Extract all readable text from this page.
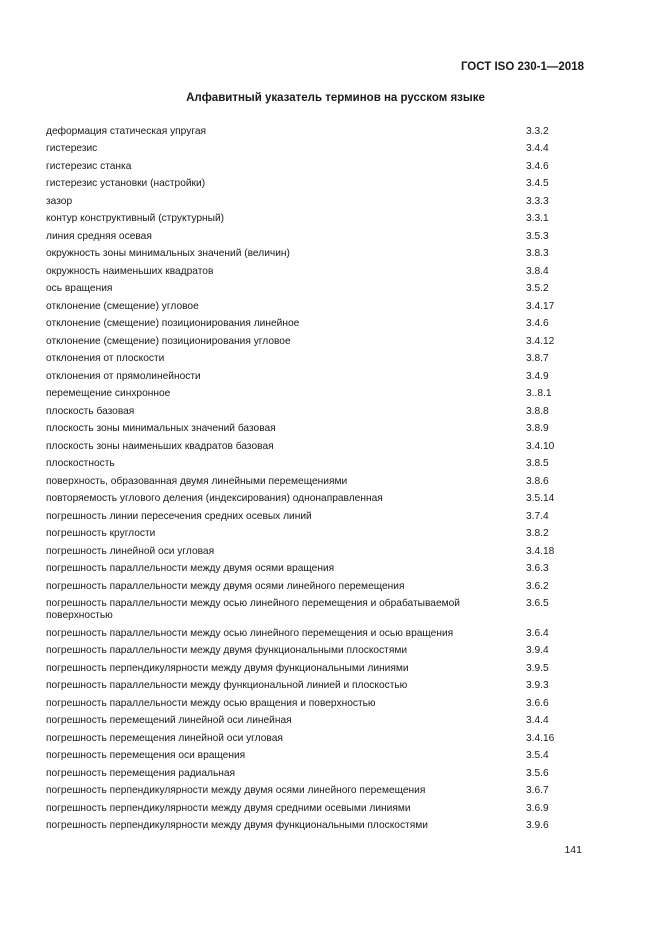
ГОСТ ISO 230-1—2018
Алфавитный указатель терминов на русском языке
деформация статическая упругая	3.3.2
гистерезис	3.4.4
гистерезис станка	3.4.6
гистерезис установки (настройки)	3.4.5
зазор	3.3.3
контур конструктивный (структурный)	3.3.1
линия средняя осевая	3.5.3
окружность зоны минимальных значений (величин)	3.8.3
окружность наименьших квадратов	3.8.4
ось вращения	3.5.2
отклонение (смещение) угловое	3.4.17
отклонение (смещение) позиционирования линейное	3.4.6
отклонение (смещение) позиционирования угловое	3.4.12
отклонения от плоскости	3.8.7
отклонения от прямолинейности	3.4.9
перемещение синхронное	3..8.1
плоскость базовая	3.8.8
плоскость зоны минимальных значений базовая	3.8.9
плоскость зоны наименьших квадратов базовая	3.4.10
плоскостность	3.8.5
поверхность, образованная двумя линейными перемещениями	3.8.6
повторяемость углового деления (индексирования) однонаправленная	3.5.14
погрешность линии пересечения средних осевых линий	3.7.4
погрешность круглости	3.8.2
погрешность линейной оси угловая	3.4.18
погрешность параллельности между двумя осями вращения	3.6.3
погрешность параллельности между двумя осями линейного перемещения	3.6.2
погрешность параллельности между осью линейного перемещения и обрабатываемой поверхностью
3.6.5
погрешность параллельности между осью линейного перемещения и осью вращения	3.6.4
погрешность параллельности между двумя функциональными плоскостями	3.9.4
погрешность перпендикулярности между двумя функциональными линиями	3.9.5
погрешность параллельности между функциональной линией и плоскостью	3.9.3
погрешность параллельности между осью вращения и поверхностью	3.6.6
погрешность перемещений линейной оси линейная	3.4.4
погрешность перемещения линейной оси угловая	3.4.16
погрешность перемещения оси вращения	3.5.4
погрешность перемещения радиальная	3.5.6
погрешность перпендикулярности между двумя осями линейного перемещения	3.6.7
погрешность перпендикулярности между двумя средними осевыми линиями	3.6.9
погрешность перпендикулярности между двумя функциональными плоскостями	3.9.6
141
